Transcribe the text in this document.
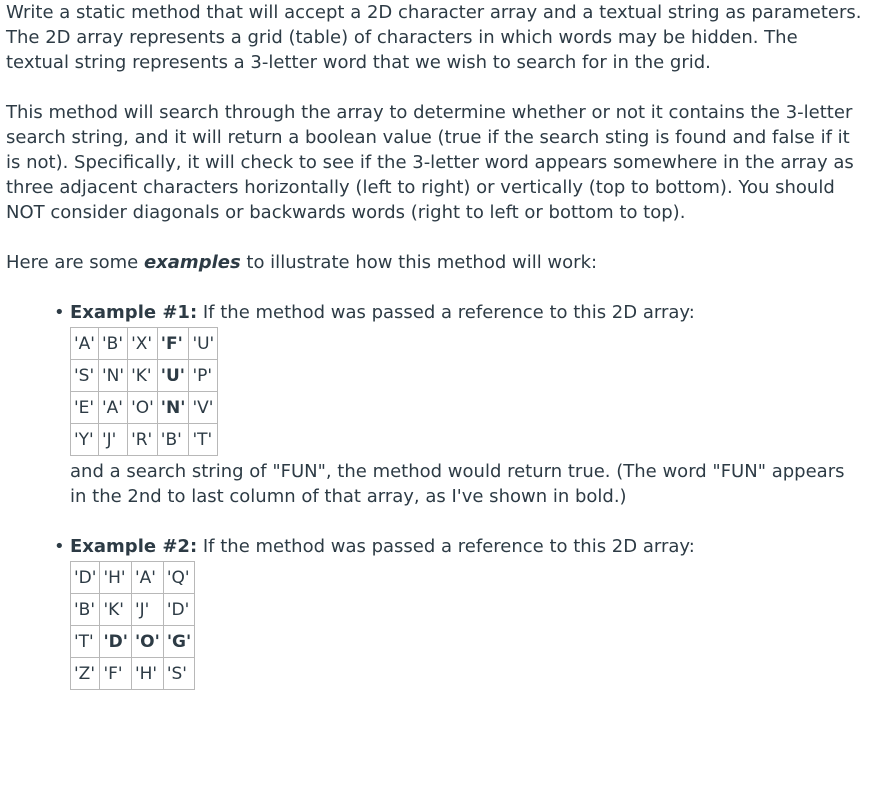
Write a static method that will accept a 2D character array and a textual string as parameters. The 2D array represents a grid (table) of characters in which words may be hidden. The textual string represents a 3-letter word that we wish to search for in the grid.

This method will search through the array to determine whether or not it contains the 3-letter search string, and it will return a boolean value (true if the search sting is found and false if it is not). Specifically, it will check to see if the 3-letter word appears somewhere in the array as three adjacent characters horizontally (left to right) or vertically (top to bottom). You should NOT consider diagonals or backwards words (right to left or bottom to top).

Here are some examples to illustrate how this method will work:

• Example #1: If the method was passed a reference to this 2D array:
'A'	'B'	'X'	'F'	'U'
'S'	'N'	'K'	'U'	'P'
'E'	'A'	'O'	'N'	'V'
'Y'	'J'	'R'	'B'	'T'
and a search string of "FUN", the method would return true. (The word "FUN" appears in the 2nd to last column of that array, as I've shown in bold.)
• Example #2: If the method was passed a reference to this 2D array:
'D'	'H'	'A'	'Q'
'B'	'K'	'J'	'D'
'T'	'D'	'O'	'G'
'Z'	'F'	'H'	'S'
